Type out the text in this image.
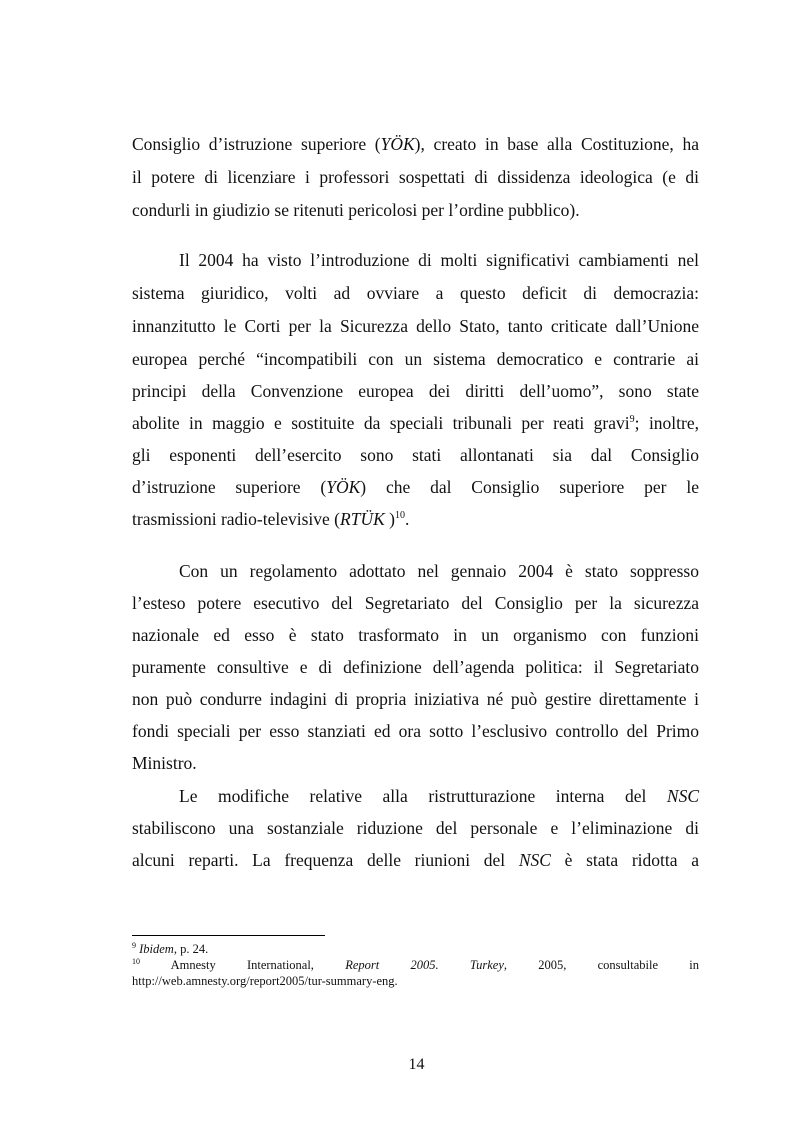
Consiglio d’istruzione superiore (YÖK), creato in base alla Costituzione, ha
il potere di licenziare i professori sospettati di dissidenza ideologica (e di
condurli in giudizio se ritenuti pericolosi per l’ordine pubblico).
Il 2004 ha visto l’introduzione di molti significativi cambiamenti nel
sistema giuridico, volti ad ovviare a questo deficit di democrazia:
innanzitutto le Corti per la Sicurezza dello Stato, tanto criticate dall’Unione
europea perché “incompatibili con un sistema democratico e contrarie ai
principi della Convenzione europea dei diritti dell’uomo”, sono state
abolite in maggio e sostituite da speciali tribunali per reati gravi$^9$; inoltre,
gli esponenti dell’esercito sono stati allontanati sia dal Consiglio
d’istruzione superiore (YÖK) che dal Consiglio superiore per le
trasmissioni radio-televisive (RTÜK )$^{10}$.
Con un regolamento adottato nel gennaio 2004 è stato soppresso
l’esteso potere esecutivo del Segretariato del Consiglio per la sicurezza
nazionale ed esso è stato trasformato in un organismo con funzioni
puramente consultive e di definizione dell’agenda politica: il Segretariato
non può condurre indagini di propria iniziativa né può gestire direttamente i
fondi speciali per esso stanziati ed ora sotto l’esclusivo controllo del Primo
Ministro.
Le modifiche relative alla ristrutturazione interna del NSC
stabiliscono una sostanziale riduzione del personale e l’eliminazione di
alcuni reparti. La frequenza delle riunioni del NSC è stata ridotta a
$^9$ Ibidem, p. 24.
$^{10}$ Amnesty International, Report 2005. Turkey, 2005, consultabile in
http://web.amnesty.org/report2005/tur-summary-eng.
14
